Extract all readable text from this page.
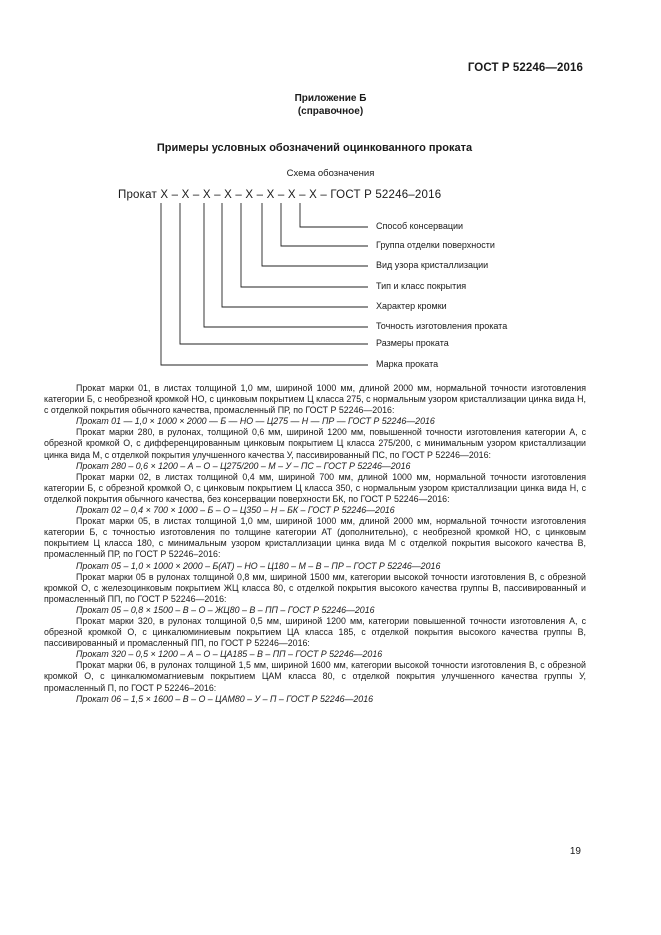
ГОСТ Р 52246—2016
Приложение Б
(справочное)
Примеры условных обозначений оцинкованного проката
Схема обозначения
Прокат Х – Х – Х – Х – Х – Х – Х – Х – ГОСТ Р 52246–2016
Способ консервации
Группа отделки поверхности
Вид узора кристаллизации
Тип и класс покрытия
Характер кромки
Точность изготовления проката
Размеры проката
Марка проката

Прокат марки 01, в листах толщиной 1,0 мм, шириной 1000 мм, длиной 2000 мм, нормальной точности изготовления категории Б, с необрезной кромкой НО, с цинковым покрытием Ц класса 275, с нормальным узором кристаллизации цинка вида Н, с отделкой покрытия обычного качества, промасленный ПР, по ГОСТ Р 52246—2016:

Прокат 01 — 1,0 × 1000 × 2000 — Б — НО — Ц275 — Н — ПР — ГОСТ Р 52246—2016

Прокат марки 280, в рулонах, толщиной 0,6 мм, шириной 1200 мм, повышенной точности изготовления категории А, с обрезной кромкой О, с дифференцированным цинковым покрытием Ц класса 275/200, с минимальным узором кристаллизации цинка вида М, с отделкой покрытия улучшенного качества У, пассивированный ПС, по ГОСТ Р 52246—2016:

Прокат 280 – 0,6 × 1200 – А – О – Ц275/200 – М – У – ПС – ГОСТ Р 52246—2016

Прокат марки 02, в листах толщиной 0,4 мм, шириной 700 мм, длиной 1000 мм, нормальной точности изготовления категории Б, с обрезной кромкой О, с цинковым покрытием Ц класса 350, с нормальным узором кристаллизации цинка вида Н, с отделкой покрытия обычного качества, без консервации поверхности БК, по ГОСТ Р 52246—2016:

Прокат 02 – 0,4 × 700 × 1000 – Б – О – Ц350 – Н – БК – ГОСТ Р 52246—2016

Прокат марки 05, в листах толщиной 1,0 мм, шириной 1000 мм, длиной 2000 мм, нормальной точности изготовления категории Б, с точностью изготовления по толщине категории АТ (дополнительно), с необрезной кромкой НО, с цинковым покрытием Ц класса 180, с минимальным узором кристаллизации цинка вида М с отделкой покрытия высокого качества В, промасленный ПР, по ГОСТ Р 52246–2016:

Прокат 05 – 1,0 × 1000 × 2000 – Б(АТ) – НО – Ц180 – М – В – ПР – ГОСТ Р 52246—2016

Прокат марки 05 в рулонах толщиной 0,8 мм, шириной 1500 мм, категории высокой точности изготовления В, с обрезной кромкой О, с железоцинковым покрытием ЖЦ класса 80, с отделкой покрытия высокого качества группы В, пассивированный и промасленный ПП, по ГОСТ Р 52246—2016:

Прокат 05 – 0,8 × 1500 – В – О – ЖЦ80 – В – ПП – ГОСТ Р 52246—2016

Прокат марки 320, в рулонах толщиной 0,5 мм, шириной 1200 мм, категории повышенной точности изготовления А, с обрезной кромкой О, с цинкалюминиевым покрытием ЦА класса 185, с отделкой покрытия высокого качества группы В, пассивированный и промасленный ПП, по ГОСТ Р 52246—2016:

Прокат 320 – 0,5 × 1200 – А – О – ЦА185 – В – ПП – ГОСТ Р 52246—2016

Прокат марки 06, в рулонах толщиной 1,5 мм, шириной 1600 мм, категории высокой точности изготовления В, с обрезной кромкой О, с цинкалюмомагниевым покрытием ЦАМ класса 80, с отделкой покрытия улучшенного качества группы У, промасленный П, по ГОСТ Р 52246–2016:

Прокат 06 – 1,5 × 1600 – В – О – ЦАМ80 – У – П – ГОСТ Р 52246—2016

19
